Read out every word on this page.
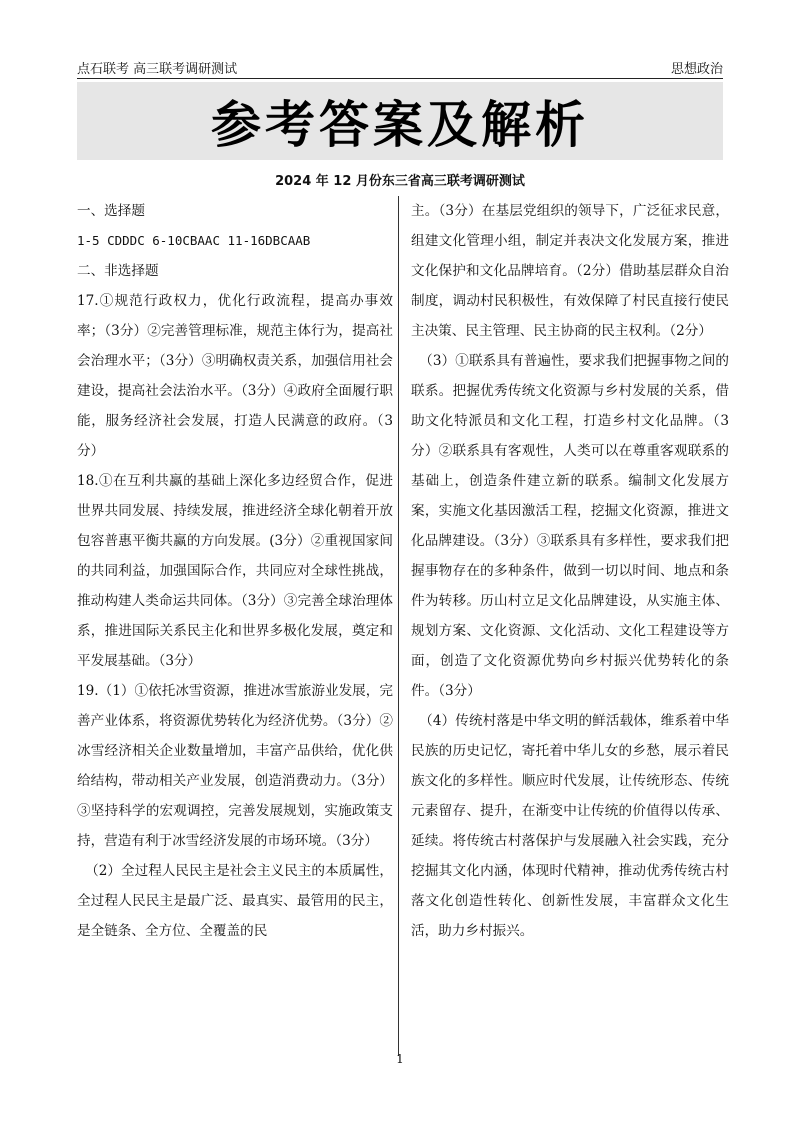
点石联考 高三联考调研测试	思想政治
参考答案及解析
2024 年 12 月份东三省高三联考调研测试

一、选择题

1-5 CDDDC 6-10CBAAC 11-16DBCAAB

二、非选择题

17.①规范行政权力，优化行政流程，提高办事效率；（3分）②完善管理标准，规范主体行为，提高社会治理水平；（3分）③明确权责关系，加强信用社会建设，提高社会法治水平。（3分）④政府全面履行职能，服务经济社会发展，打造人民满意的政府。（3分）

18.①在互利共赢的基础上深化多边经贸合作，促进世界共同发展、持续发展，推进经济全球化朝着开放包容普惠平衡共赢的方向发展。(3分）②重视国家间的共同利益，加强国际合作，共同应对全球性挑战，推动构建人类命运共同体。（3分）③完善全球治理体系，推进国际关系民主化和世界多极化发展，奠定和平发展基础。（3分）

19.（1）①依托冰雪资源，推进冰雪旅游业发展，完善产业体系，将资源优势转化为经济优势。（3分）②冰雪经济相关企业数量增加，丰富产品供给，优化供给结构，带动相关产业发展，创造消费动力。（3分）③坚持科学的宏观调控，完善发展规划，实施政策支持，营造有利于冰雪经济发展的市场环境。（3分）

（2）全过程人民民主是社会主义民主的本质属性，全过程人民民主是最广泛、最真实、最管用的民主，是全链条、全方位、全覆盖的民

主。（3分）在基层党组织的领导下，广泛征求民意，组建文化管理小组，制定并表决文化发展方案，推进文化保护和文化品牌培育。（2分）借助基层群众自治制度，调动村民积极性，有效保障了村民直接行使民主决策、民主管理、民主协商的民主权利。（2分）

（3）①联系具有普遍性，要求我们把握事物之间的联系。把握优秀传统文化资源与乡村发展的关系，借助文化特派员和文化工程，打造乡村文化品牌。（3分）②联系具有客观性，人类可以在尊重客观联系的基础上，创造条件建立新的联系。编制文化发展方案，实施文化基因激活工程，挖掘文化资源，推进文化品牌建设。（3分）③联系具有多样性，要求我们把握事物存在的多种条件，做到一切以时间、地点和条件为转移。历山村立足文化品牌建设，从实施主体、规划方案、文化资源、文化活动、文化工程建设等方面，创造了文化资源优势向乡村振兴优势转化的条件。（3分）

（4）传统村落是中华文明的鲜活载体，维系着中华民族的历史记忆，寄托着中华儿女的乡愁，展示着民族文化的多样性。顺应时代发展，让传统形态、传统元素留存、提升，在渐变中让传统的价值得以传承、延续。将传统古村落保护与发展融入社会实践，充分挖掘其文化内涵，体现时代精神，推动优秀传统古村落文化创造性转化、创新性发展，丰富群众文化生活，助力乡村振兴。

1
